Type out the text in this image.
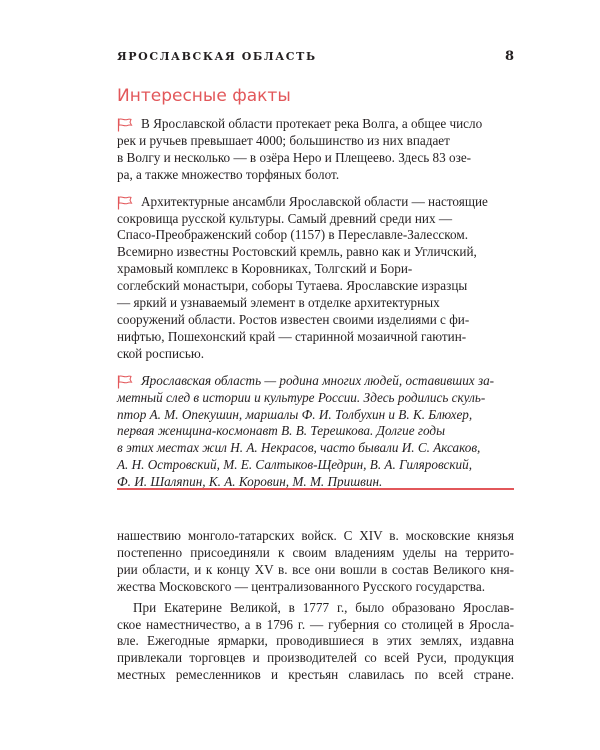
ЯРОСЛАВСКАЯ ОБЛАСТЬ	8
Интересные факты
В Ярославской области протекает река Волга, а общее число
рек и ручьев превышает 4000; большинство из них впадает
в Волгу и несколько — в озёра Неро и Плещеево. Здесь 83 озе-
ра, а также множество торфяных болот.
Архитектурные ансамбли Ярославской области — настоящие
сокровища русской культуры. Самый древний среди них —
Спасо-Преображенский собор (1157) в Переславле-Залесском.
Всемирно известны Ростовский кремль, равно как и Угличский,
храмовый комплекс в Коровниках, Толгский и Бори-
соглебский монастыри, соборы Тутаева. Ярославские изразцы
— яркий и узнаваемый элемент в отделке архитектурных
сооружений области. Ростов известен своими изделиями с фи-
нифтью, Пошехонский край — старинной мозаичной гаютин-
ской росписью.
Ярославская область — родина многих людей, оставивших за-
метный след в истории и культуре России. Здесь родились скуль-
птор А. М. Опекушин, маршалы Ф. И. Толбухин и В. К. Блюхер,
первая женщина-космонавт В. В. Терешкова. Долгие годы
в этих местах жил Н. А. Некрасов, часто бывали И. С. Аксаков,
А. Н. Островский, М. Е. Салтыков-Щедрин, В. А. Гиляровский,
Ф. И. Шаляпин, К. А. Коровин, М. М. Пришвин.
нашествию монголо-татарских войск. С XIV в. московские князья
постепенно присоединяли к своим владениям уделы на террито-
рии области, и к концу XV в. все они вошли в состав Великого кня-
жества Московского — централизованного Русского государства.
При Екатерине Великой, в 1777 г., было образовано Ярослав-
ское наместничество, а в 1796 г. — губерния со столицей в Яросла-
вле. Ежегодные ярмарки, проводившиеся в этих землях, издавна
привлекали торговцев и производителей со всей Руси, продукция
местных ремесленников и крестьян славилась по всей стране.
